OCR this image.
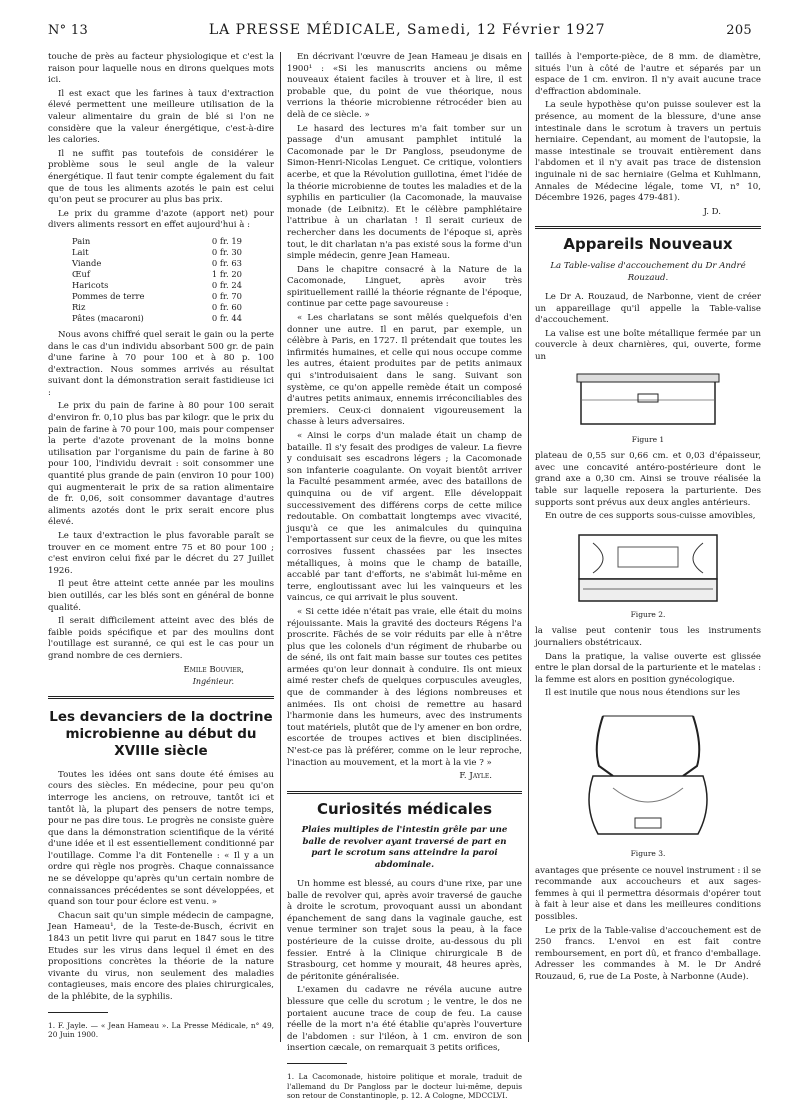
N° 13	LA PRESSE MÉDICALE, Samedi, 12 Février 1927	205

touche de près au facteur physiologique et c'est la raison pour laquelle nous en dirons quelques mots ici.

Il est exact que les farines à taux d'extraction élevé permettent une meilleure utilisation de la valeur alimentaire du grain de blé si l'on ne considère que la valeur énergétique, c'est-à-dire les calories.

Il ne suffit pas toutefois de considérer le problème sous le seul angle de la valeur énergétique. Il faut tenir compte également du fait que de tous les aliments azotés le pain est celui qu'on peut se procurer au plus bas prix.

Le prix du gramme d'azote (apport net) pour divers aliments ressort en effet aujourd'hui à :

Pain	0 fr. 19
Lait	0 fr. 30
Viande	0 fr. 63
Œuf	1 fr. 20
Haricots	0 fr. 24
Pommes de terre	0 fr. 70
Riz	0 fr. 60
Pâtes (macaroni)	0 fr. 44

Nous avons chiffré quel serait le gain ou la perte dans le cas d'un individu absorbant 500 gr. de pain d'une farine à 70 pour 100 et à 80 p. 100 d'extraction. Nous sommes arrivés au résultat suivant dont la démonstration serait fastidieuse ici :

Le prix du pain de farine à 80 pour 100 serait d'environ fr. 0,10 plus bas par kilogr. que le prix du pain de farine à 70 pour 100, mais pour compenser la perte d'azote provenant de la moins bonne utilisation par l'organisme du pain de farine à 80 pour 100, l'individu devrait : soit consommer une quantité plus grande de pain (environ 10 pour 100) qui augmenterait le prix de sa ration alimentaire de fr. 0,06, soit consommer davantage d'autres aliments azotés dont le prix serait encore plus élevé.

Le taux d'extraction le plus favorable paraît se trouver en ce moment entre 75 et 80 pour 100 ; c'est environ celui fixé par le décret du 27 Juillet 1926.

Il peut être atteint cette année par les moulins bien outillés, car les blés sont en général de bonne qualité.

Il serait difficilement atteint avec des blés de faible poids spécifique et par des moulins dont l'outillage est suranné, ce qui est le cas pour un grand nombre de ces derniers.

Emile Bouvier,
Ingénieur.
Les devanciers de la doctrine microbienne au début du XVIIIe siècle

Toutes les idées ont sans doute été émises au cours des siècles. En médecine, pour peu qu'on interroge les anciens, on retrouve, tantôt ici et tantôt là, la plupart des pensers de notre temps, pour ne pas dire tous. Le progrès ne consiste guère que dans la démonstration scientifique de la vérité d'une idée et il est essentiellement conditionné par l'outillage. Comme l'a dit Fontenelle : « Il y a un ordre qui règle nos progrès. Chaque connaissance ne se développe qu'après qu'un certain nombre de connaissances précédentes se sont développées, et quand son tour pour éclore est venu. »

Chacun sait qu'un simple médecin de campagne, Jean Hameau¹, de la Teste-de-Busch, écrivit en 1843 un petit livre qui parut en 1847 sous le titre Etudes sur les virus dans lequel il émet en des propositions concrètes la théorie de la nature vivante du virus, non seulement des maladies contagieuses, mais encore des plaies chirurgicales, de la phlébite, de la syphilis.

1. F. Jayle. — « Jean Hameau ». La Presse Médicale, n° 49, 20 Juin 1900.

En décrivant l'œuvre de Jean Hameau je disais en 1900¹ : «Si les manuscrits anciens ou même nouveaux étaient faciles à trouver et à lire, il est probable que, du point de vue théorique, nous verrions la théorie microbienne rétrocéder bien au delà de ce siècle. »

Le hasard des lectures m'a fait tomber sur un passage d'un amusant pamphlet intitulé la Cacomonade par le Dr Pangloss, pseudonyme de Simon-Henri-Nicolas Lenguet. Ce critique, volontiers acerbe, et que la Révolution guillotina, émet l'idée de la théorie microbienne de toutes les maladies et de la syphilis en particulier (la Cacomonade, la mauvaise monade (de Leibnitz). Et le célèbre pamphlétaire l'attribue à un charlatan ! Il serait curieux de rechercher dans les documents de l'époque si, après tout, le dit charlatan n'a pas existé sous la forme d'un simple médecin, genre Jean Hameau.

Dans le chapitre consacré à la Nature de la Cacomonade, Linguet, après avoir très spirituellement raillé la théorie régnante de l'époque, continue par cette page savoureuse :

« Les charlatans se sont mêlés quelquefois d'en donner une autre. Il en parut, par exemple, un célèbre à Paris, en 1727. Il prétendait que toutes les infirmités humaines, et celle qui nous occupe comme les autres, étaient produites par de petits animaux qui s'introduisaient dans le sang. Suivant son système, ce qu'on appelle remède était un composé d'autres petits animaux, ennemis irréconciliables des premiers. Ceux-ci donnaient vigoureusement la chasse à leurs adversaires.

« Ainsi le corps d'un malade était un champ de bataille. Il s'y fesait des prodiges de valeur. La fievre y conduisait ses escadrons légers ; la Cacomonade son infanterie coagulante. On voyait bientôt arriver la Faculté pesamment armée, avec des bataillons de quinquina ou de vif argent. Elle développait successivement des différens corps de cette milice redoutable. On combattait longtemps avec vivacité, jusqu'à ce que les animalcules du quinquina l'emportassent sur ceux de la fievre, ou que les mites corrosives fussent chassées par les insectes métalliques, à moins que le champ de bataille, accablé par tant d'efforts, ne s'abimât lui-même en terre, engloutissant avec lui les vainqueurs et les vaincus, ce qui arrivait le plus souvent.

« Si cette idée n'était pas vraie, elle était du moins réjouissante. Mais la gravité des docteurs Régens l'a proscrite. Fâchés de se voir réduits par elle à n'être plus que les colonels d'un régiment de rhubarbe ou de séné, ils ont fait main basse sur toutes ces petites armées qu'on leur donnait à conduire. Ils ont mieux aimé rester chefs de quelques corpuscules aveugles, que de commander à des légions nombreuses et animées. Ils ont choisi de remettre au hasard l'harmonie dans les humeurs, avec des instruments tout matériels, plutôt que de l'y amener en bon ordre, escortée de troupes actives et bien disciplinées. N'est-ce pas là préférer, comme on le leur reproche, l'inaction au mouvement, et la mort à la vie ? »

F. Jayle.
Curiosités médicales
Plaies multiples de l'intestin grêle par une balle de revolver ayant traversé de part en part le scrotum sans atteindre la paroi abdominale.

Un homme est blessé, au cours d'une rixe, par une balle de revolver qui, après avoir traversé de gauche à droite le scrotum, provoquant aussi un abondant épanchement de sang dans la vaginale gauche, est venue terminer son trajet sous la peau, à la face postérieure de la cuisse droite, au-dessous du pli fessier. Entré à la Clinique chirurgicale B de Strasbourg, cet homme y mourait, 48 heures après, de péritonite généralisée.

L'examen du cadavre ne révéla aucune autre blessure que celle du scrotum ; le ventre, le dos ne portaient aucune trace de coup de feu. La cause réelle de la mort n'a été établie qu'après l'ouverture de l'abdomen : sur l'iléon, à 1 cm. environ de son insertion cæcale, on remarquait 3 petits orifices,

1. La Cacomonade, histoire politique et morale, traduit de l'allemand du Dr Pangloss par le docteur lui-même, depuis son retour de Constantinople, p. 12. A Cologne, MDCCLVI.

taillés à l'emporte-pièce, de 8 mm. de diamètre, situés l'un à côté de l'autre et séparés par un espace de 1 cm. environ. Il n'y avait aucune trace d'effraction abdominale.

La seule hypothèse qu'on puisse soulever est la présence, au moment de la blessure, d'une anse intestinale dans le scrotum à travers un pertuis herniaire. Cependant, au moment de l'autopsie, la masse intestinale se trouvait entièrement dans l'abdomen et il n'y avait pas trace de distension inguinale ni de sac herniaire (Gelma et Kuhlmann, Annales de Médecine légale, tome VI, n° 10, Décembre 1926, pages 479-481).

J. D.
Appareils Nouveaux
La Table-valise d'accouchement du Dr André Rouzaud.

Le Dr A. Rouzaud, de Narbonne, vient de créer un appareillage qu'il appelle la Table-valise d'accouchement.

La valise est une boîte métallique fermée par un couvercle à deux charnières, qui, ouverte, forme un

Figure 1

plateau de 0,55 sur 0,66 cm. et 0,03 d'épaisseur, avec une concavité antéro-postérieure dont le grand axe a 0,30 cm. Ainsi se trouve réalisée la table sur laquelle reposera la parturiente. Des supports sont prévus aux deux angles antérieurs.

En outre de ces supports sous-cuisse amovibles,

Figure 2.

la valise peut contenir tous les instruments journaliers obstétricaux.

Dans la pratique, la valise ouverte est glissée entre le plan dorsal de la parturiente et le matelas : la femme est alors en position gynécologique.

Il est inutile que nous nous étendions sur les

Figure 3.

avantages que présente ce nouvel instrument : il se recommande aux accoucheurs et aux sages-femmes à qui il permettra désormais d'opérer tout à fait à leur aise et dans les meilleures conditions possibles.

Le prix de la Table-valise d'accouchement est de 250 francs. L'envoi en est fait contre remboursement, en port dû, et franco d'emballage. Adresser les commandes à M. le Dr André Rouzaud, 6, rue de La Poste, à Narbonne (Aude).
